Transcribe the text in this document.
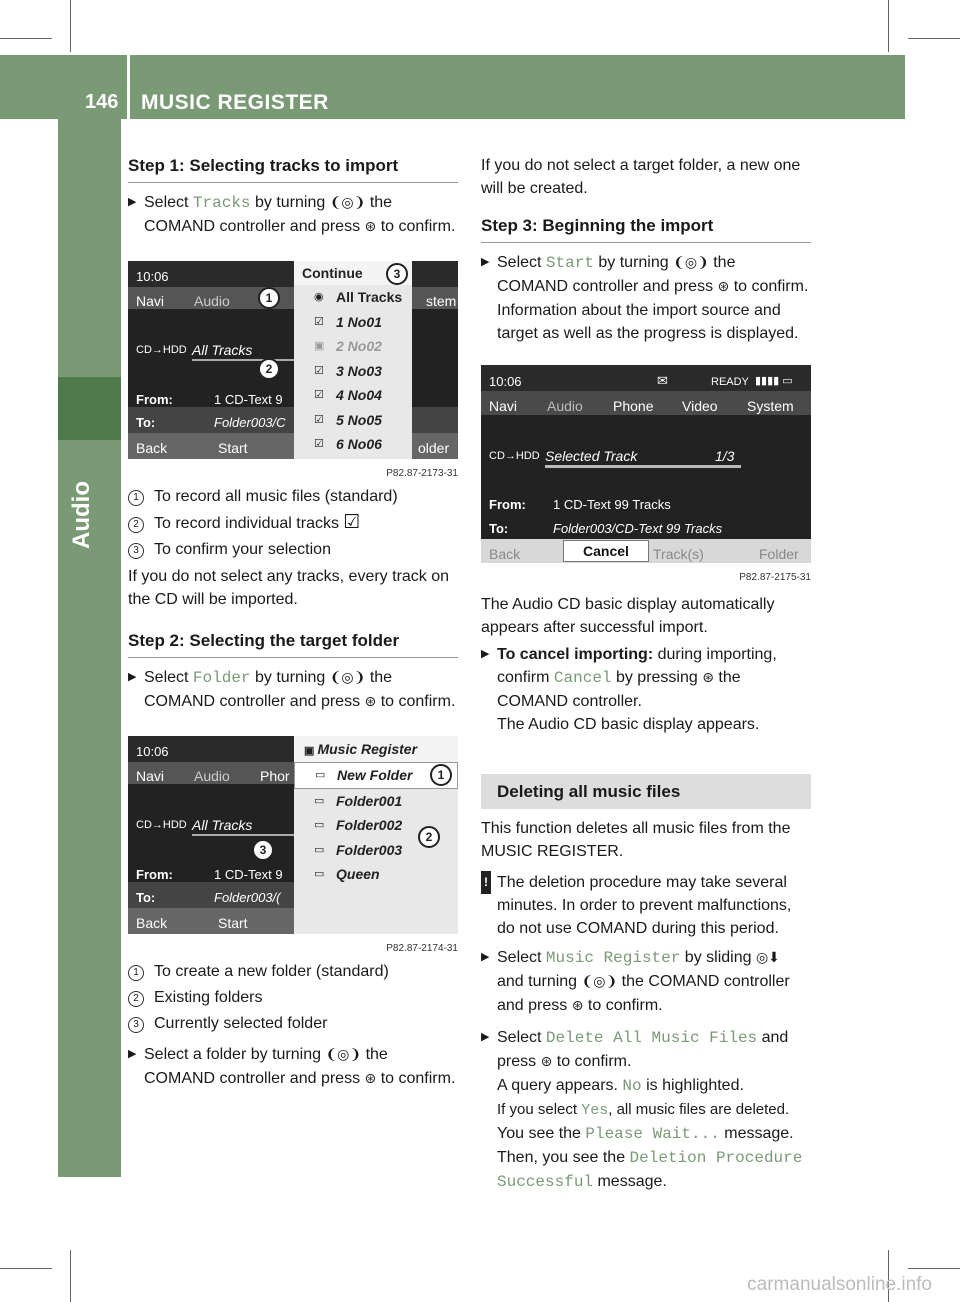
146 MUSIC REGISTER
Audio
Step 1: Selecting tracks to import

▶ Select Tracks by turning ❨◎❩ the COMAND controller and press ⊛ to confirm.

10:06
Navi Audio	stem
CD→HDD All Tracks
From:	1 CD-Text 9
To:	Folder003/C
Back	Start	older
Continue
◉ All Tracks
☑ 1 No01
▣ 2 No02
☑ 3 No03
☑ 4 No04
☑ 5 No05
☑ 6 No06
3
1
2
P82.87-2173-31

1 To record all music files (standard)

2 To record individual tracks ☑

3 To confirm your selection

If you do not select any tracks, every track on the CD will be imported.

Step 2: Selecting the target folder

▶ Select Folder by turning ❨◎❩ the COMAND controller and press ⊛ to confirm.

10:06
Navi Audio Phor
CD→HDD All Tracks
From:	1 CD-Text 9
To:	Folder003/(
Back	Start
▣ Music Register
▭ New Folder
▭ Folder001
▭ Folder002
▭ Folder003
▭ Queen
1
2
3
P82.87-2174-31

1 To create a new folder (standard)

2 Existing folders

3 Currently selected folder

▶ Select a folder by turning ❨◎❩ the COMAND controller and press ⊛ to confirm.

If you do not select a target folder, a new one will be created.

Step 3: Beginning the import

▶ Select Start by turning ❨◎❩ the COMAND controller and press ⊛ to confirm.

Information about the import source and target as well as the progress is displayed.

10:06	✉	READY ▮▮▮▮ ▭
Navi Audio Phone Video System
CD→HDD Selected Track	1/3
From: 1 CD-Text 99 Tracks
To:	Folder003/CD-Text 99 Tracks
Back	Cancel	Track(s)	Folder
P82.87-2175-31

The Audio CD basic display automatically appears after successful import.

▶ To cancel importing: during importing, confirm Cancel by pressing ⊛ the COMAND controller.

The Audio CD basic display appears.

Deleting all music files

This function deletes all music files from the MUSIC REGISTER.

! The deletion procedure may take several minutes. In order to prevent malfunctions, do not use COMAND during this period.

▶ Select Music Register by sliding ◎⬇ and turning ❨◎❩ the COMAND controller and press ⊛ to confirm.

▶ Select Delete All Music Files and press ⊛ to confirm.

A query appears. No is highlighted.

If you select Yes, all music files are deleted.

You see the Please Wait... message.

Then, you see the Deletion Procedure Successful message.

carmanualsonline.info
